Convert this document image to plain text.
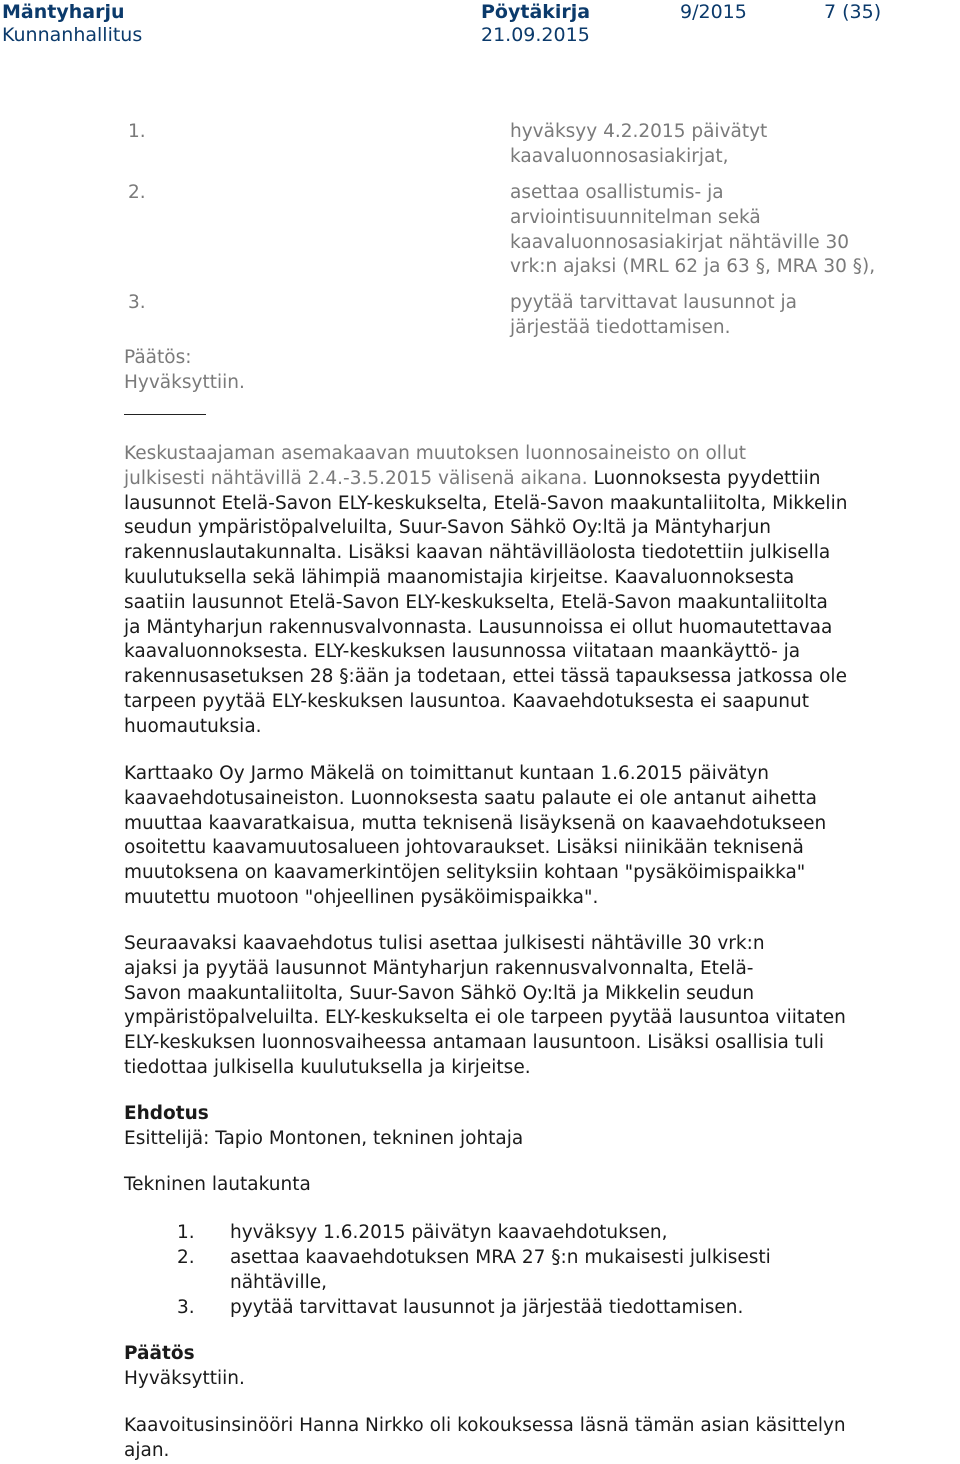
Mäntyharju
Kunnanhallitus
Pöytäkirja
21.09.2015
9/2015	7 (35)
1.	hyväksyy 4.2.2015 päivätyt
kaavaluonnosasiakirjat,
2.	asettaa osallistumis- ja
arviointisuunnitelman sekä
kaavaluonnosasiakirjat nähtäville 30
vrk:n ajaksi (MRL 62 ja 63 §, MRA 30 §),
3.	pyytää tarvittavat lausunnot ja
järjestää tiedottamisen.
Päätös:
Hyväksyttiin.

Keskustaajaman asemakaavan muutoksen luonnosaineisto on ollut

julkisesti nähtävillä 2.4.-3.5.2015 välisenä aikana. Luonnoksesta pyydettiin

lausunnot Etelä-Savon ELY-keskukselta, Etelä-Savon maakuntaliitolta, Mikkelin

seudun ympäristöpalveluilta, Suur-Savon Sähkö Oy:ltä ja Mäntyharjun

rakennuslautakunnalta. Lisäksi kaavan nähtävilläolosta tiedotettiin julkisella

kuulutuksella sekä lähimpiä maanomistajia kirjeitse. Kaavaluonnoksesta

saatiin lausunnot Etelä-Savon ELY-keskukselta, Etelä-Savon maakuntaliitolta

ja Mäntyharjun rakennusvalvonnasta. Lausunnoissa ei ollut huomautettavaa

kaavaluonnoksesta. ELY-keskuksen lausunnossa viitataan maankäyttö- ja

rakennusasetuksen 28 §:ään ja todetaan, ettei tässä tapauksessa jatkossa ole

tarpeen pyytää ELY-keskuksen lausuntoa. Kaavaehdotuksesta ei saapunut

huomautuksia.

Karttaako Oy Jarmo Mäkelä on toimittanut kuntaan 1.6.2015 päivätyn

kaavaehdotusaineiston. Luonnoksesta saatu palaute ei ole antanut aihetta

muuttaa kaavaratkaisua, mutta teknisenä lisäyksenä on kaavaehdotukseen

osoitettu kaavamuutosalueen johtovaraukset. Lisäksi niinikään teknisenä

muutoksena on kaavamerkintöjen selityksiin kohtaan "pysäköimispaikka"

muutettu muotoon "ohjeellinen pysäköimispaikka".

Seuraavaksi kaavaehdotus tulisi asettaa julkisesti nähtäville 30 vrk:n

ajaksi ja pyytää lausunnot Mäntyharjun rakennusvalvonnalta, Etelä-

Savon maakuntaliitolta, Suur-Savon Sähkö Oy:ltä ja Mikkelin seudun

ympäristöpalveluilta. ELY-keskukselta ei ole tarpeen pyytää lausuntoa viitaten

ELY-keskuksen luonnosvaiheessa antamaan lausuntoon. Lisäksi osallisia tuli

tiedottaa julkisella kuulutuksella ja kirjeitse.

Ehdotus
Esittelijä: Tapio Montonen, tekninen johtaja
Tekninen lautakunta
1. hyväksyy 1.6.2015 päivätyn kaavaehdotuksen,
2. asettaa kaavaehdotuksen MRA 27 §:n mukaisesti julkisesti
nähtäville,
3. pyytää tarvittavat lausunnot ja järjestää tiedottamisen.
Päätös
Hyväksyttiin.

Kaavoitusinsinööri Hanna Nirkko oli kokouksessa läsnä tämän asian käsittelyn

ajan.
